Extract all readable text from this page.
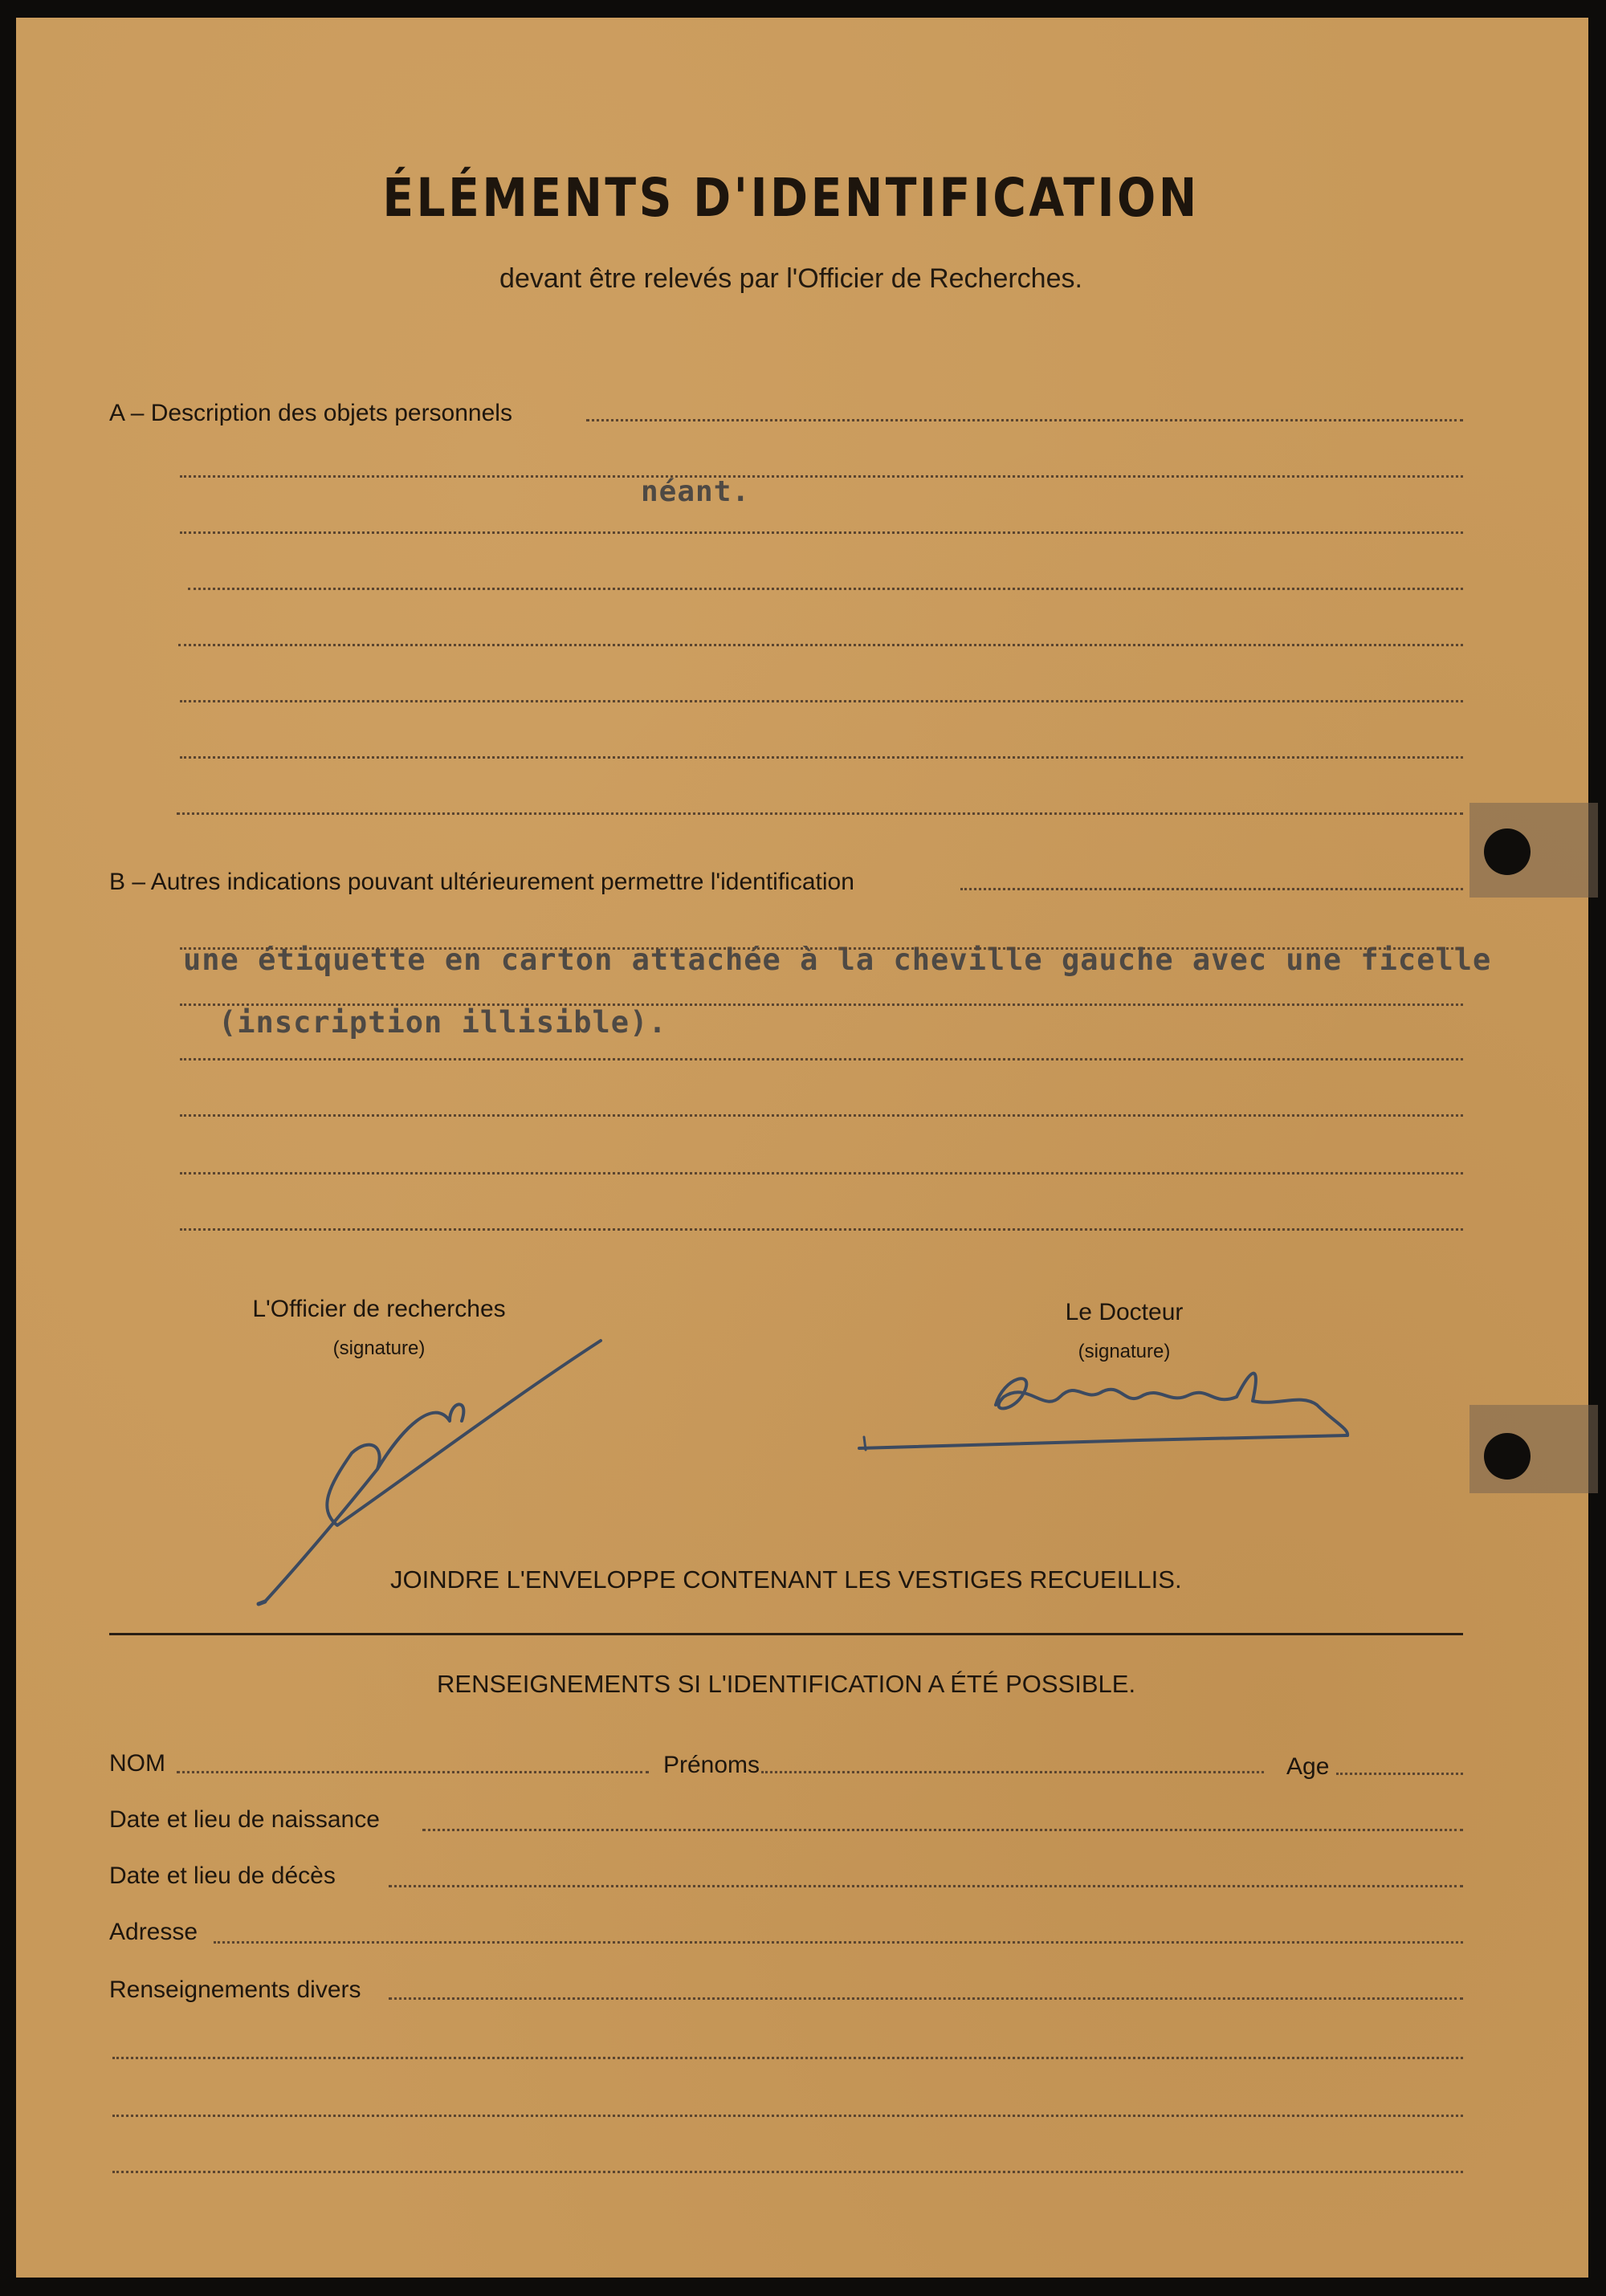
ÉLÉMENTS D'IDENTIFICATION
devant être relevés par l'Officier de Recherches.
A – Description des objets personnels
néant.
B – Autres indications pouvant ultérieurement permettre l'identification
une étiquette en carton attachée à la cheville gauche avec une ficelle
(inscription illisible).
L'Officier de recherches
(signature)
Le Docteur
(signature)
JOINDRE L'ENVELOPPE CONTENANT LES VESTIGES RECUEILLIS.
RENSEIGNEMENTS SI L'IDENTIFICATION A ÉTÉ POSSIBLE.
NOM	Prénoms	Age
Date et lieu de naissance
Date et lieu de décès
Adresse
Renseignements divers
